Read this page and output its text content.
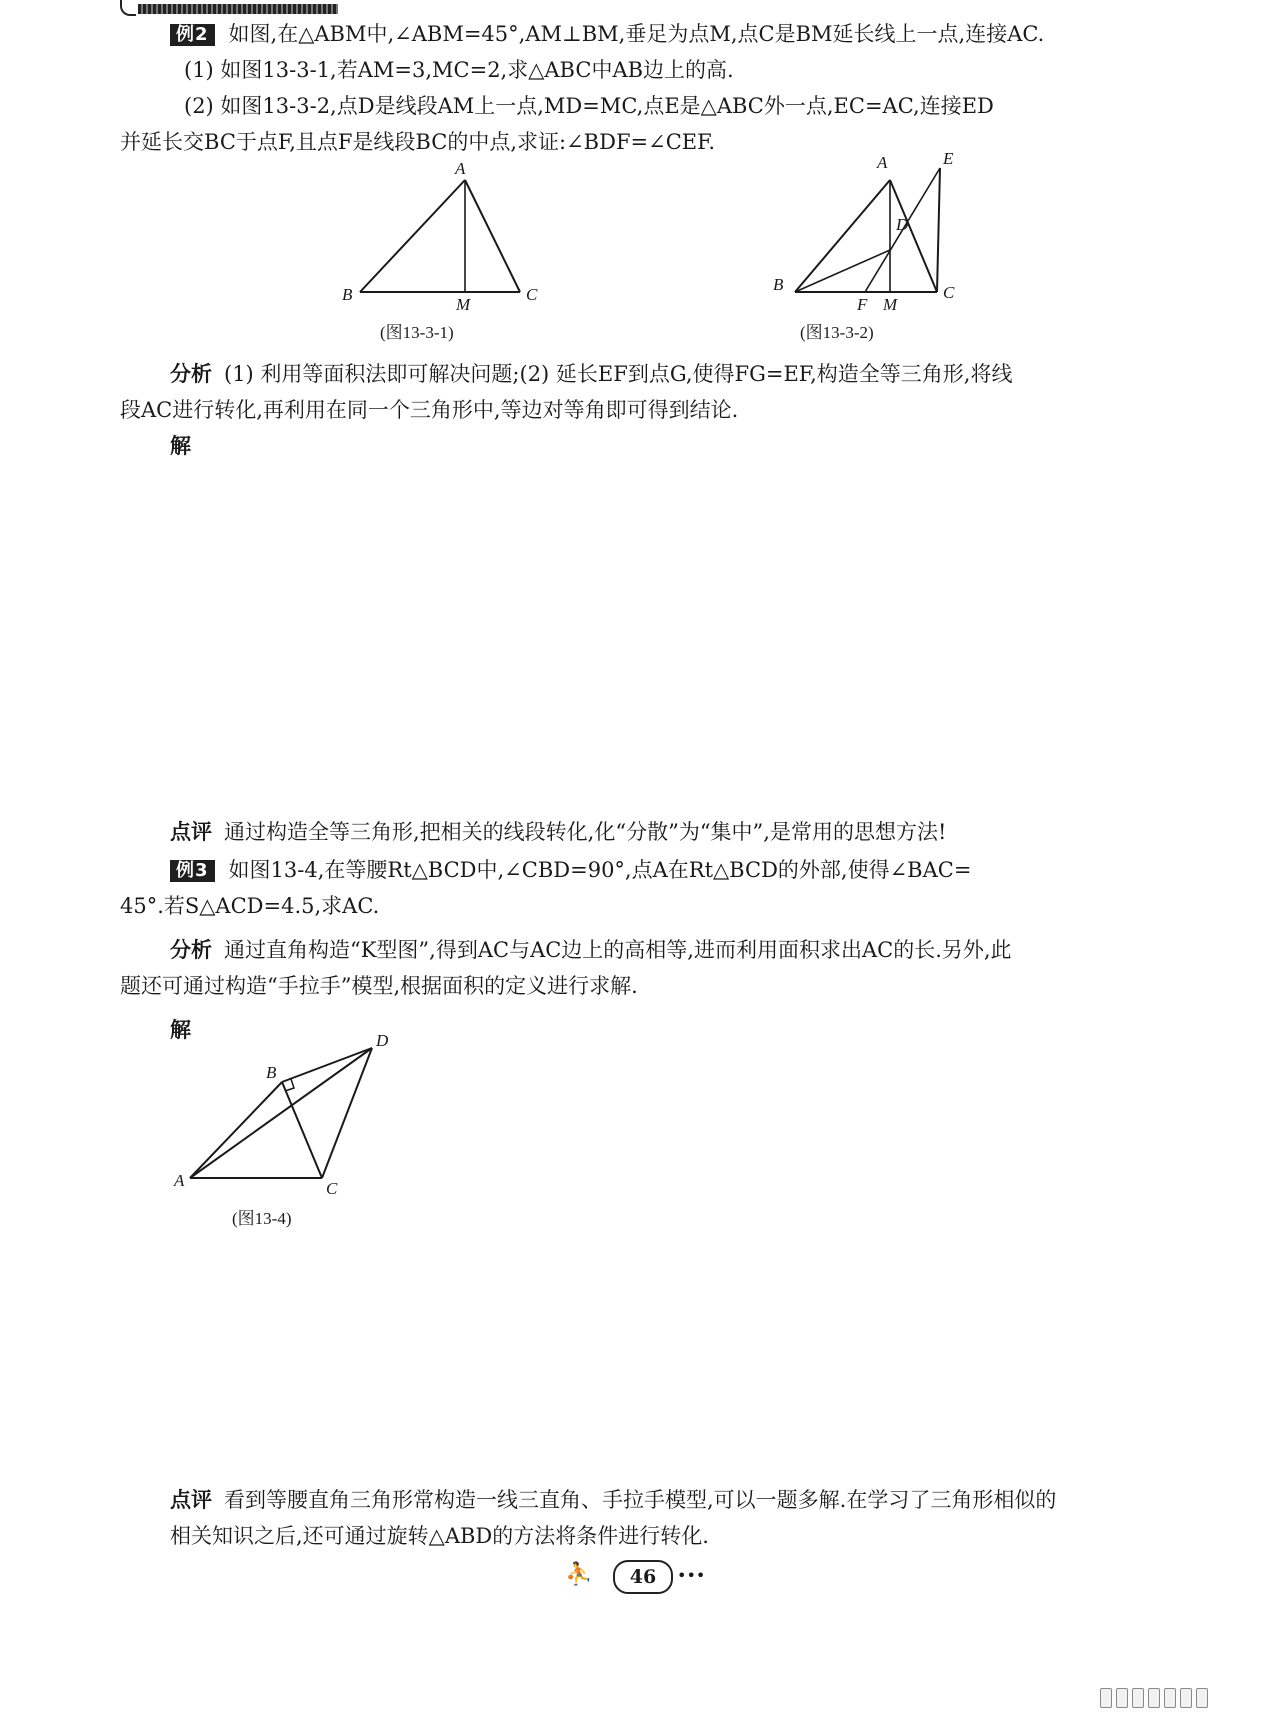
例2 如图,在△ABM中,∠ABM=45°,AM⊥BM,垂足为点M,点C是BM延长线上一点,连接AC.

(1) 如图13-3-1,若AM=3,MC=2,求△ABC中AB边上的高.

(2) 如图13-3-2,点D是线段AM上一点,MD=MC,点E是△ABC外一点,EC=AC,连接ED

并延长交BC于点F,且点F是线段BC的中点,求证:∠BDF=∠CEF.

A
B
M
C
(图13-3-1)
A	E
D
B
F M
C
(图13-3-2)

分析 (1) 利用等面积法即可解决问题;(2) 延长EF到点G,使得FG=EF,构造全等三角形,将线

段AC进行转化,再利用在同一个三角形中,等边对等角即可得到结论.

解

点评 通过构造全等三角形,把相关的线段转化,化“分散”为“集中”,是常用的思想方法!

例3 如图13-4,在等腰Rt△BCD中,∠CBD=90°,点A在Rt△BCD的外部,使得∠BAC=

45°.若S△ACD=4.5,求AC.

分析 通过直角构造“K型图”,得到AC与AC边上的高相等,进而利用面积求出AC的长.另外,此

题还可通过构造“手拉手”模型,根据面积的定义进行求解.

解

A
B
C
D
(图13-4)

点评 看到等腰直角三角形常构造一线三直角、手拉手模型,可以一题多解.在学习了三角形相似的

相关知识之后,还可通过旋转△ABD的方法将条件进行转化.

⛹	46	•••
